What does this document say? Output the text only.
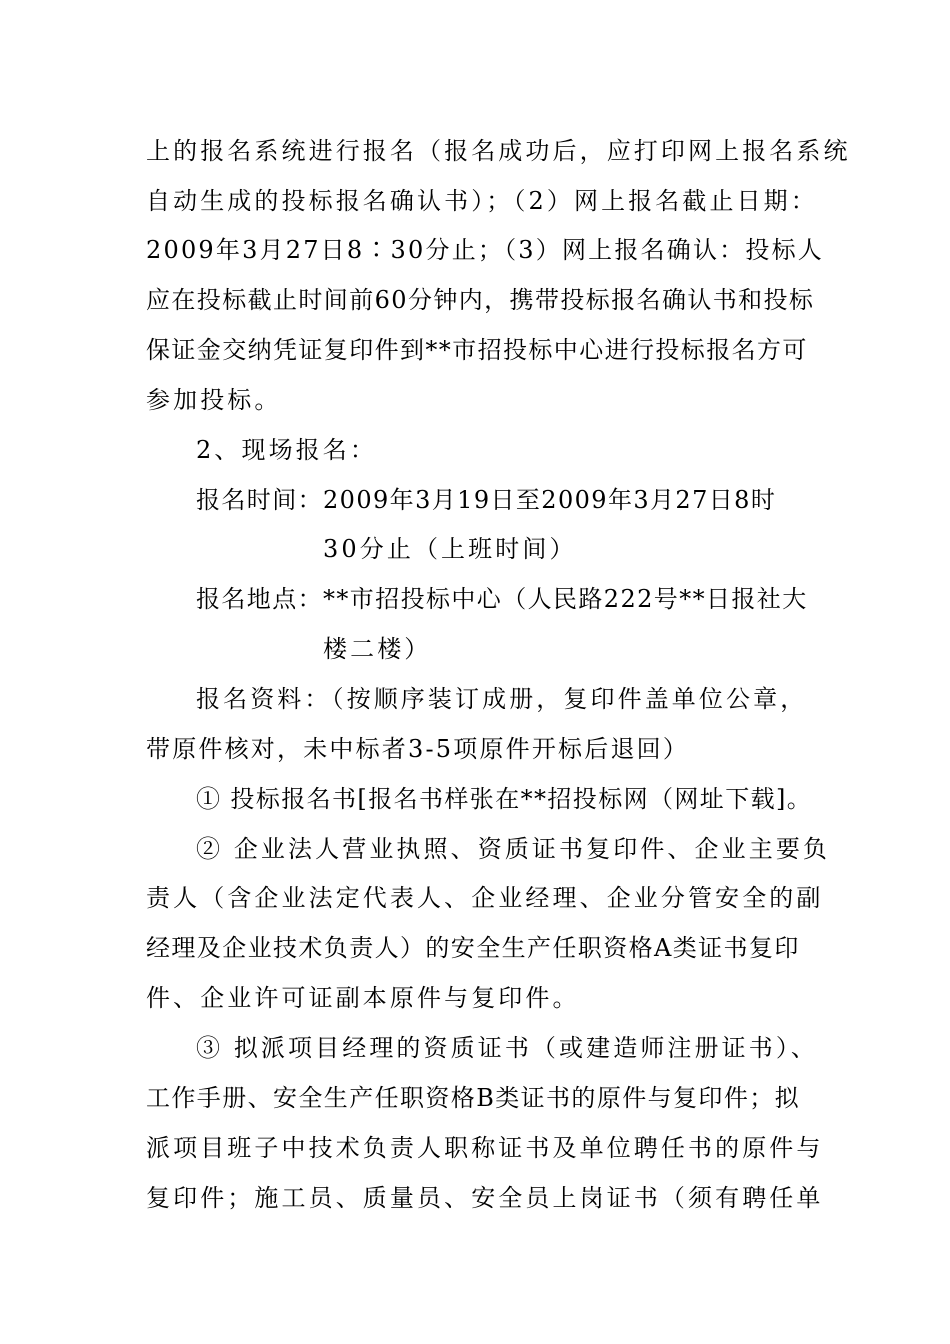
上的报名系统进行报名（报名成功后，应打印网上报名系统
自动生成的投标报名确认书）；（2）网上报名截止日期：
2009年3月27日8∶30分止；（3）网上报名确认：投标人
应在投标截止时间前60分钟内，携带投标报名确认书和投标
保证金交纳凭证复印件到**市招投标中心进行投标报名方可
参加投标。
2、现场报名：
报名时间：2009年3月19日至2009年3月27日8时
30分止（上班时间）
报名地点：**市招投标中心（人民路222号**日报社大
楼二楼）
报名资料：（按顺序装订成册，复印件盖单位公章，
带原件核对，未中标者3-5项原件开标后退回）
① 投标报名书[报名书样张在**招投标网（网址下载]。
② 企业法人营业执照、资质证书复印件、企业主要负
责人（含企业法定代表人、企业经理、企业分管安全的副
经理及企业技术负责人）的安全生产任职资格A类证书复印
件、企业许可证副本原件与复印件。
③ 拟派项目经理的资质证书（或建造师注册证书）、
工作手册、安全生产任职资格B类证书的原件与复印件；拟
派项目班子中技术负责人职称证书及单位聘任书的原件与
复印件；施工员、质量员、安全员上岗证书（须有聘任单
